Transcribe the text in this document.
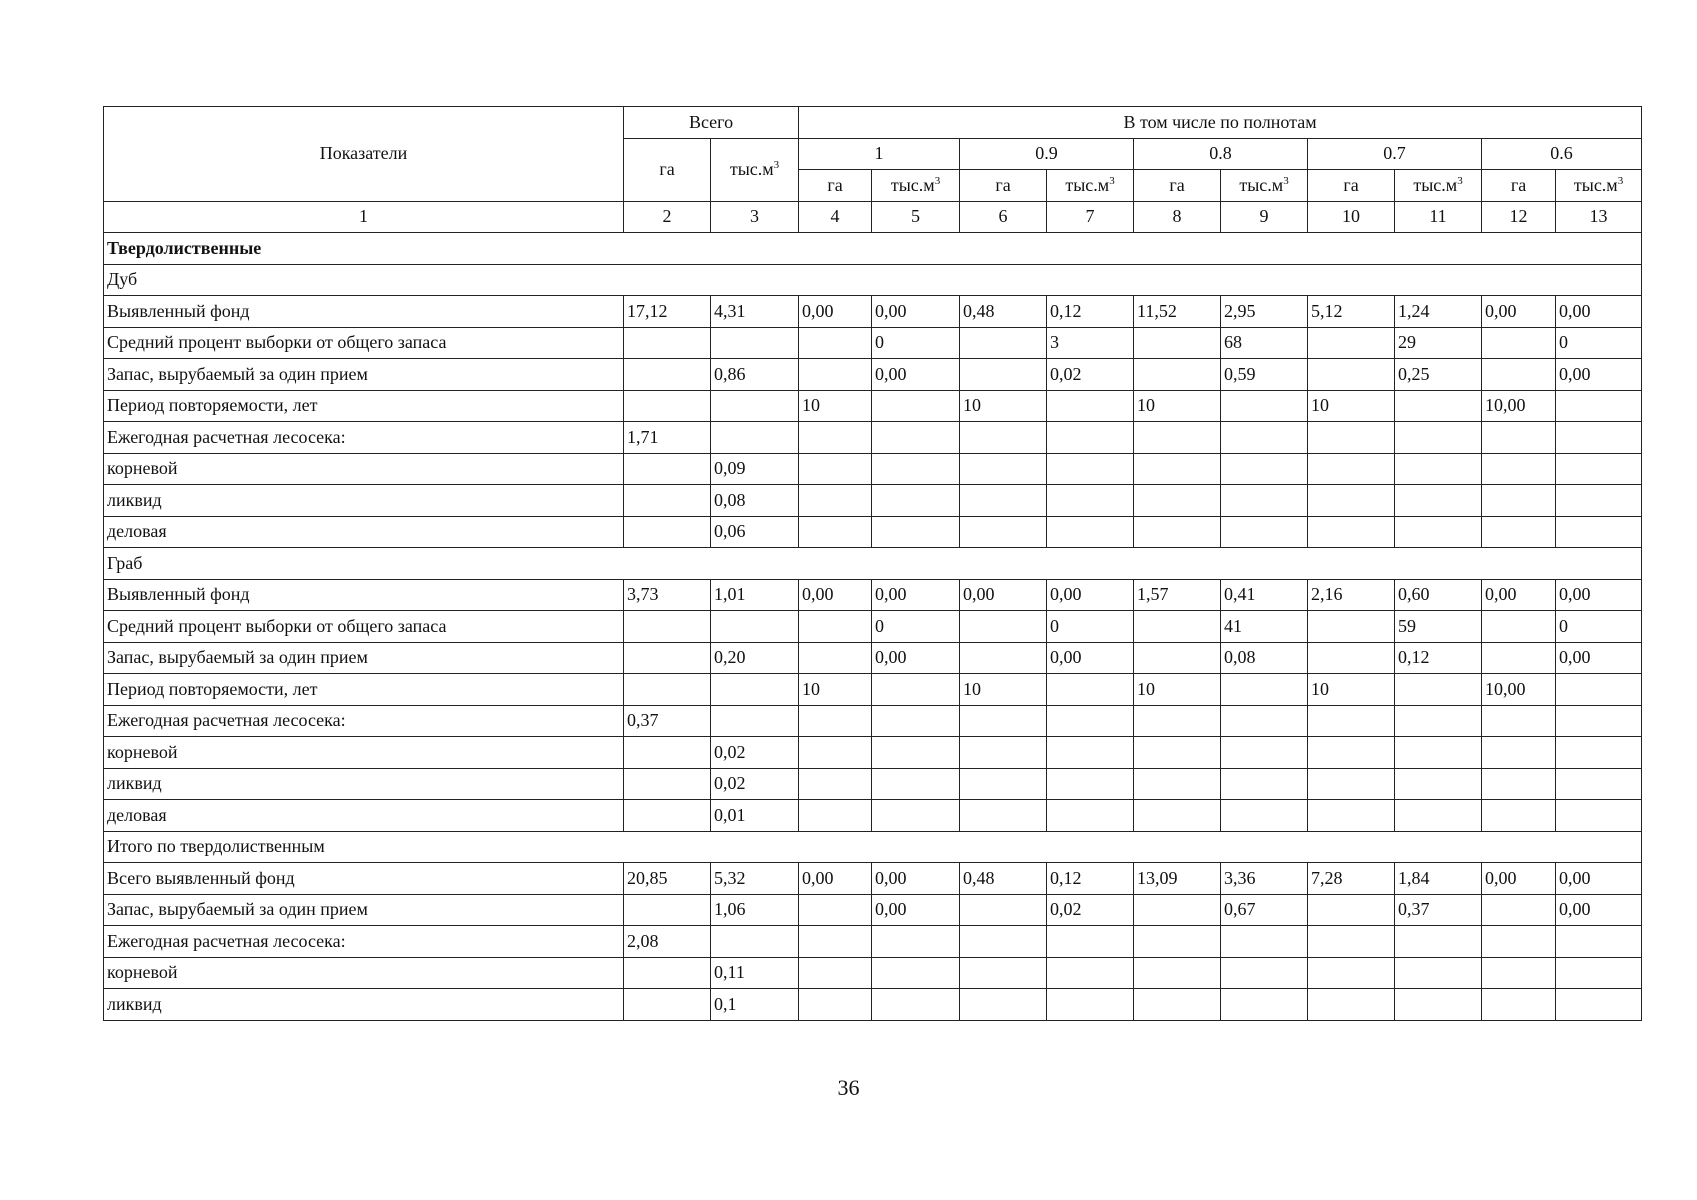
Показатели	Всего		В том числе по полнотам									
	га	$тыс.м^3$	1		0.9		0.8		0.7		0.6	
			га	$тыс.м^3$	га	$тыс.м^3$	га	$тыс.м^3$	га	$тыс.м^3$	га	$тыс.м^3$
1	2	3	4	5	6	7	8	9	10	11	12	13
Твердолиственные												
Дуб												
Выявленный фонд	17,12	4,31	0,00	0,00	0,48	0,12	11,52	2,95	5,12	1,24	0,00	0,00
Средний процент выборки от общего запаса				0		3		68		29		0
Запас, вырубаемый за один прием		0,86		0,00		0,02		0,59		0,25		0,00
Период повторяемости, лет			10		10		10		10		10,00	
Ежегодная расчетная лесосека:	1,71											
корневой		0,09										
ликвид		0,08										
деловая		0,06										
Граб												
Выявленный фонд	3,73	1,01	0,00	0,00	0,00	0,00	1,57	0,41	2,16	0,60	0,00	0,00
Средний процент выборки от общего запаса				0		0		41		59		0
Запас, вырубаемый за один прием		0,20		0,00		0,00		0,08		0,12		0,00
Период повторяемости, лет			10		10		10		10		10,00	
Ежегодная расчетная лесосека:	0,37											
корневой		0,02										
ликвид		0,02										
деловая		0,01										
Итого по твердолиственным												
Всего выявленный фонд	20,85	5,32	0,00	0,00	0,48	0,12	13,09	3,36	7,28	1,84	0,00	0,00
Запас, вырубаемый за один прием		1,06		0,00		0,02		0,67		0,37		0,00
Ежегодная расчетная лесосека:	2,08											
корневой		0,11										
ликвид		0,1										
36
